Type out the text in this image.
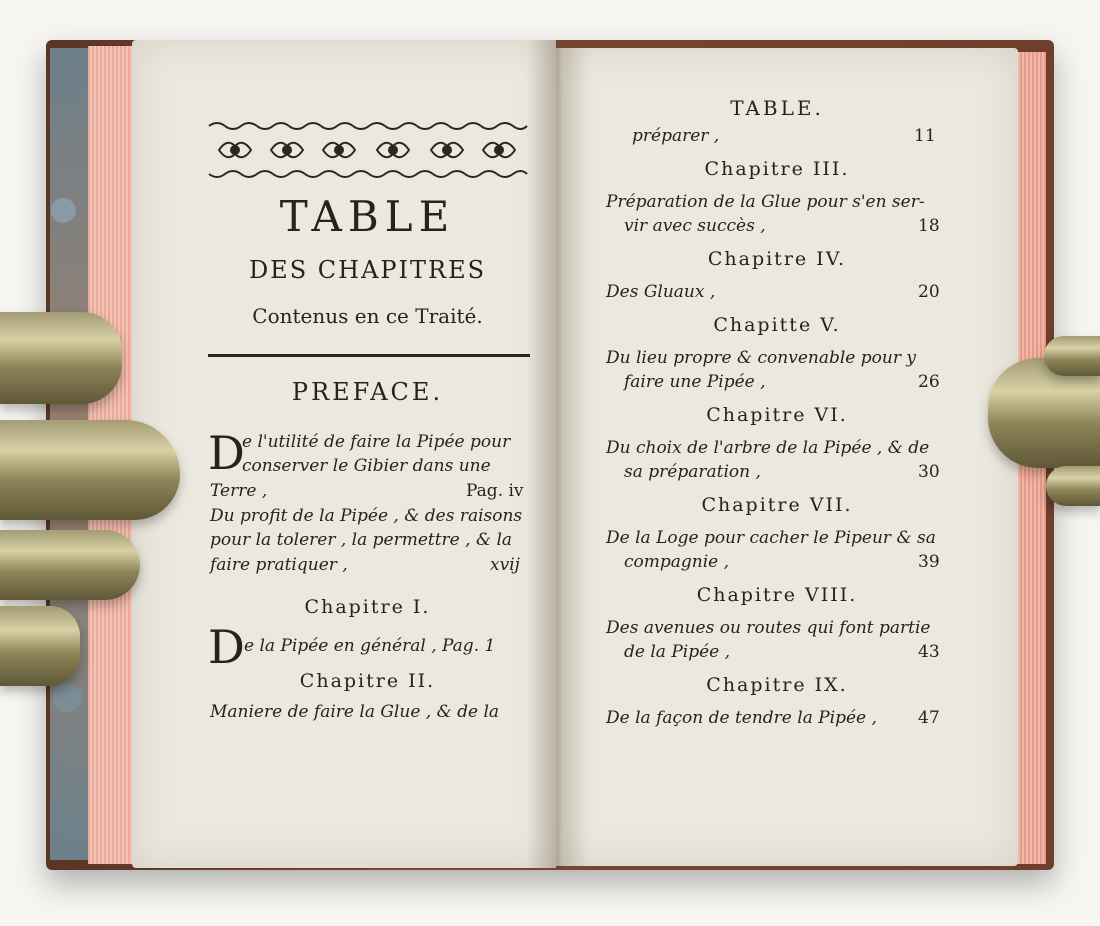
TABLE
DES CHAPITRES
Contenus en ce Traité.
PREFACE.
D
e l'utilité de faire la Pipée pour
conserver le Gibier dans une
Terre ,	Pag. iv
Du profit de la Pipée , & des raisons
pour la tolerer , la permettre , & la
faire pratiquer ,	xvij
Chapitre I.
D e la Pipée en général , Pag. 1
Chapitre II.
Maniere de faire la Glue , & de la
TABLE.
préparer ,	11
Chapitre III.
Préparation de la Glue pour s'en ser-
vir avec succès ,	18
Chapitre IV.
Des Gluaux ,	20
Chapitte V.
Du lieu propre & convenable pour y
faire une Pipée ,	26
Chapitre VI.
Du choix de l'arbre de la Pipée , & de
sa préparation ,	30
Chapitre VII.
De la Loge pour cacher le Pipeur & sa
compagnie ,	39
Chapitre VIII.
Des avenues ou routes qui font partie
de la Pipée ,	43
Chapitre IX.
De la façon de tendre la Pipée , 47
